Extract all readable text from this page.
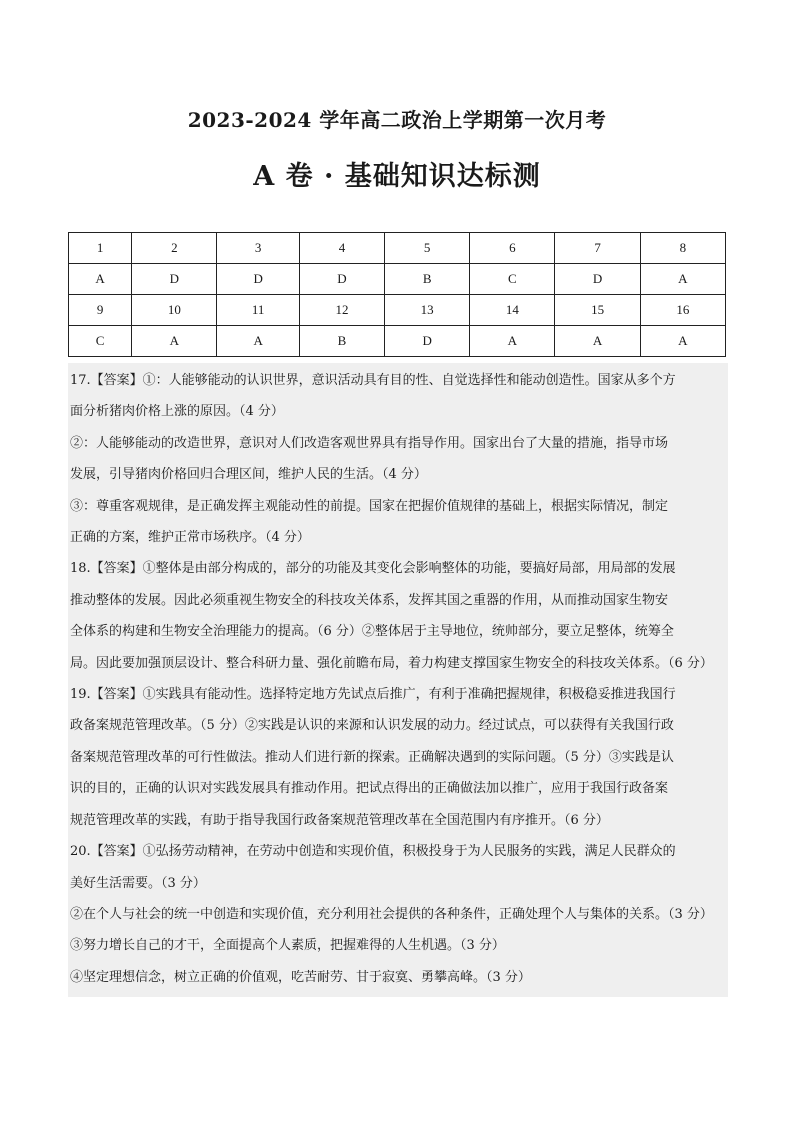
2023-2024 学年高二政治上学期第一次月考
A 卷 · 基础知识达标测
1	2	3	4	5	6	7	8
A	D	D	D	B	C	D	A
9	10	11	12	13	14	15	16
C	A	A	B	D	A	A	A
17.【答案】①：人能够能动的认识世界，意识活动具有目的性、自觉选择性和能动创造性。国家从多个方
面分析猪肉价格上涨的原因。（4 分）
②：人能够能动的改造世界，意识对人们改造客观世界具有指导作用。国家出台了大量的措施，指导市场
发展，引导猪肉价格回归合理区间，维护人民的生活。（4 分）
③：尊重客观规律，是正确发挥主观能动性的前提。国家在把握价值规律的基础上，根据实际情况，制定
正确的方案，维护正常市场秩序。（4 分）
18.【答案】①整体是由部分构成的，部分的功能及其变化会影响整体的功能，要搞好局部，用局部的发展
推动整体的发展。因此必须重视生物安全的科技攻关体系，发挥其国之重器的作用，从而推动国家生物安
全体系的构建和生物安全治理能力的提高。（6 分）②整体居于主导地位，统帅部分，要立足整体，统筹全
局。因此要加强顶层设计、整合科研力量、强化前瞻布局，着力构建支撑国家生物安全的科技攻关体系。（6 分）
19.【答案】①实践具有能动性。选择特定地方先试点后推广，有利于准确把握规律，积极稳妥推进我国行
政备案规范管理改革。（5 分）②实践是认识的来源和认识发展的动力。经过试点，可以获得有关我国行政
备案规范管理改革的可行性做法。推动人们进行新的探索。正确解决遇到的实际问题。（5 分）③实践是认
识的目的，正确的认识对实践发展具有推动作用。把试点得出的正确做法加以推广，应用于我国行政备案
规范管理改革的实践，有助于指导我国行政备案规范管理改革在全国范围内有序推开。（6 分）
20.【答案】①弘扬劳动精神，在劳动中创造和实现价值，积极投身于为人民服务的实践，满足人民群众的
美好生活需要。（3 分）
②在个人与社会的统一中创造和实现价值，充分利用社会提供的各种条件，正确处理个人与集体的关系。（3 分）
③努力增长自己的才干，全面提高个人素质，把握难得的人生机遇。（3 分）
④坚定理想信念，树立正确的价值观，吃苦耐劳、甘于寂寞、勇攀高峰。（3 分）
